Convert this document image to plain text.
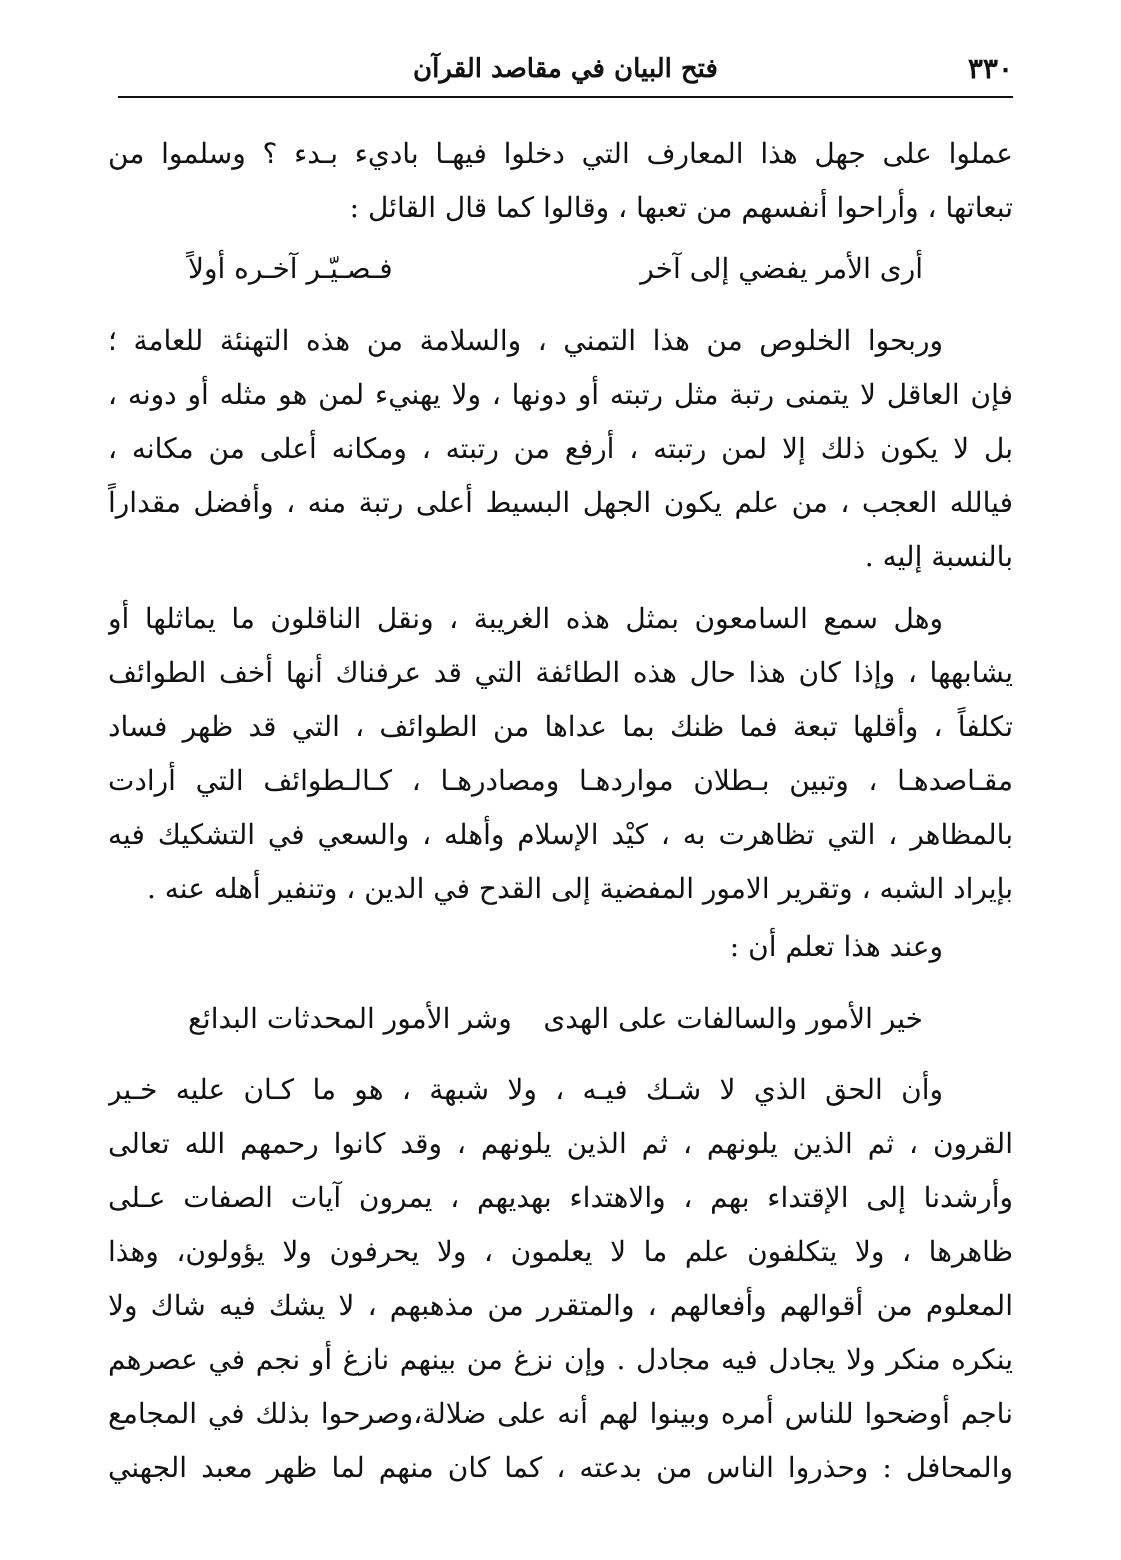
٣٣٠
فتح البيان في مقاصد القرآن
عملوا على جهل هذا المعارف التي دخلوا فيهـا باديء بـدء ؟ وسلموا من
تبعاتها ، وأراحوا أنفسهم من تعبها ، وقالوا كما قال القائل :
أرى الأمر يفضي إلى آخر
فـصـيّـر آخـره أولاً
وربحوا الخلوص من هذا التمني ، والسلامة من هذه التهنئة للعامة ؛
فإن العاقل لا يتمنى رتبة مثل رتبته أو دونها ، ولا يهنيء لمن هو مثله أو دونه ،
بل لا يكون ذلك إلا لمن رتبته ، أرفع من رتبته ، ومكانه أعلى من مكانه ،
فيالله العجب ، من علم يكون الجهل البسيط أعلى رتبة منه ، وأفضل مقداراً
بالنسبة إليه .
وهل سمع السامعون بمثل هذه الغريبة ، ونقل الناقلون ما يماثلها أو
يشابهها ، وإذا كان هذا حال هذه الطائفة التي قد عرفناك أنها أخف الطوائف
تكلفاً ، وأقلها تبعة فما ظنك بما عداها من الطوائف ، التي قد ظهر فساد
مقـاصدهـا ، وتبين بـطلان مواردهـا ومصادرهـا ، كـالـطوائف التي أرادت
بالمظاهر ، التي تظاهرت به ، كيْد الإسلام وأهله ، والسعي في التشكيك فيه
بإيراد الشبه ، وتقرير الامور المفضية إلى القدح في الدين ، وتنفير أهله عنه .
وعند هذا تعلم أن :
خير الأمور والسالفات على الهدى
وشر الأمور المحدثات البدائع
وأن الحق الذي لا شـك فيـه ، ولا شبهة ، هو ما كـان عليه خـير
القرون ، ثم الذين يلونهم ، ثم الذين يلونهم ، وقد كانوا رحمهم الله تعالى
وأرشدنا إلى الإقتداء بهم ، والاهتداء بهديهم ، يمرون آيات الصفات عـلى
ظاهرها ، ولا يتكلفون علم ما لا يعلمون ، ولا يحرفون ولا يؤولون، وهذا
المعلوم من أقوالهم وأفعالهم ، والمتقرر من مذهبهم ، لا يشك فيه شاك ولا
ينكره منكر ولا يجادل فيه مجادل . وإن نزغ من بينهم نازغ أو نجم في عصرهم
ناجم أوضحوا للناس أمره وبينوا لهم أنه على ضلالة،وصرحوا بذلك في المجامع
والمحافل : وحذروا الناس من بدعته ، كما كان منهم لما ظهر معبد الجهني
